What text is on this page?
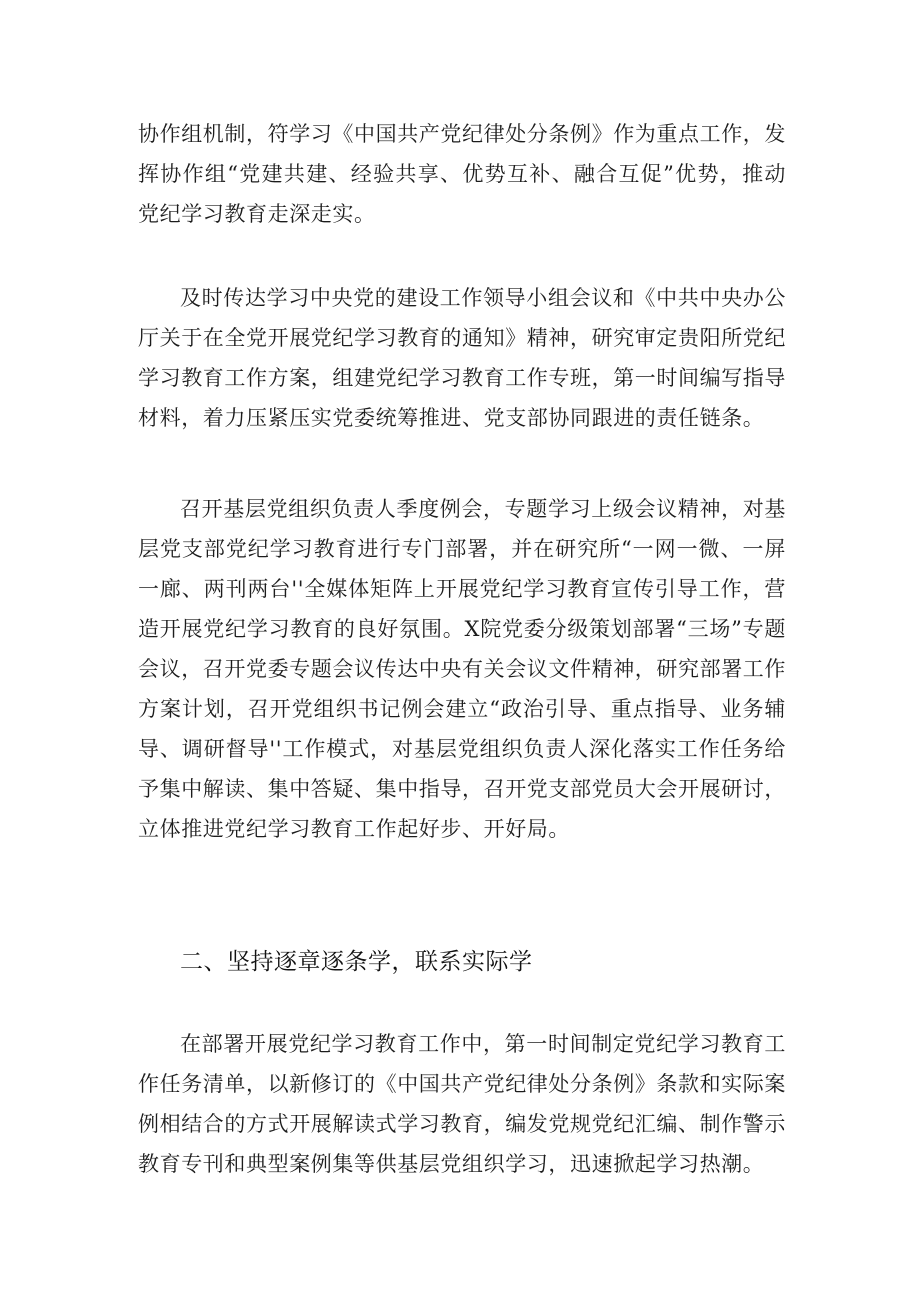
协作组机制，符学习《中国共产党纪律处分条例》作为重点工作，发挥协作组“党建共建、经验共享、优势互补、融合互促”优势，推动党纪学习教育走深走实。

及时传达学习中央党的建设工作领导小组会议和《中共中央办公厅关于在全党开展党纪学习教育的通知》精神，研究审定贵阳所党纪学习教育工作方案，组建党纪学习教育工作专班，第一时间编写指导材料，着力压紧压实党委统筹推进、党支部协同跟进的责任链条。

召开基层党组织负责人季度例会，专题学习上级会议精神，对基层党支部党纪学习教育进行专门部署，并在研究所“一网一微、一屏一廊、两刊两台''全媒体矩阵上开展党纪学习教育宣传引导工作，营造开展党纪学习教育的良好氛围。X院党委分级策划部署“三场”专题会议，召开党委专题会议传达中央有关会议文件精神，研究部署工作方案计划，召开党组织书记例会建立“政治引导、重点指导、业务辅导、调研督导''工作模式，对基层党组织负责人深化落实工作任务给予集中解读、集中答疑、集中指导，召开党支部党员大会开展研讨，立体推进党纪学习教育工作起好步、开好局。

二、坚持逐章逐条学，联系实际学

在部署开展党纪学习教育工作中，第一时间制定党纪学习教育工作任务清单，以新修订的《中国共产党纪律处分条例》条款和实际案例相结合的方式开展解读式学习教育，编发党规党纪汇编、制作警示教育专刊和典型案例集等供基层党组织学习，迅速掀起学习热潮。
